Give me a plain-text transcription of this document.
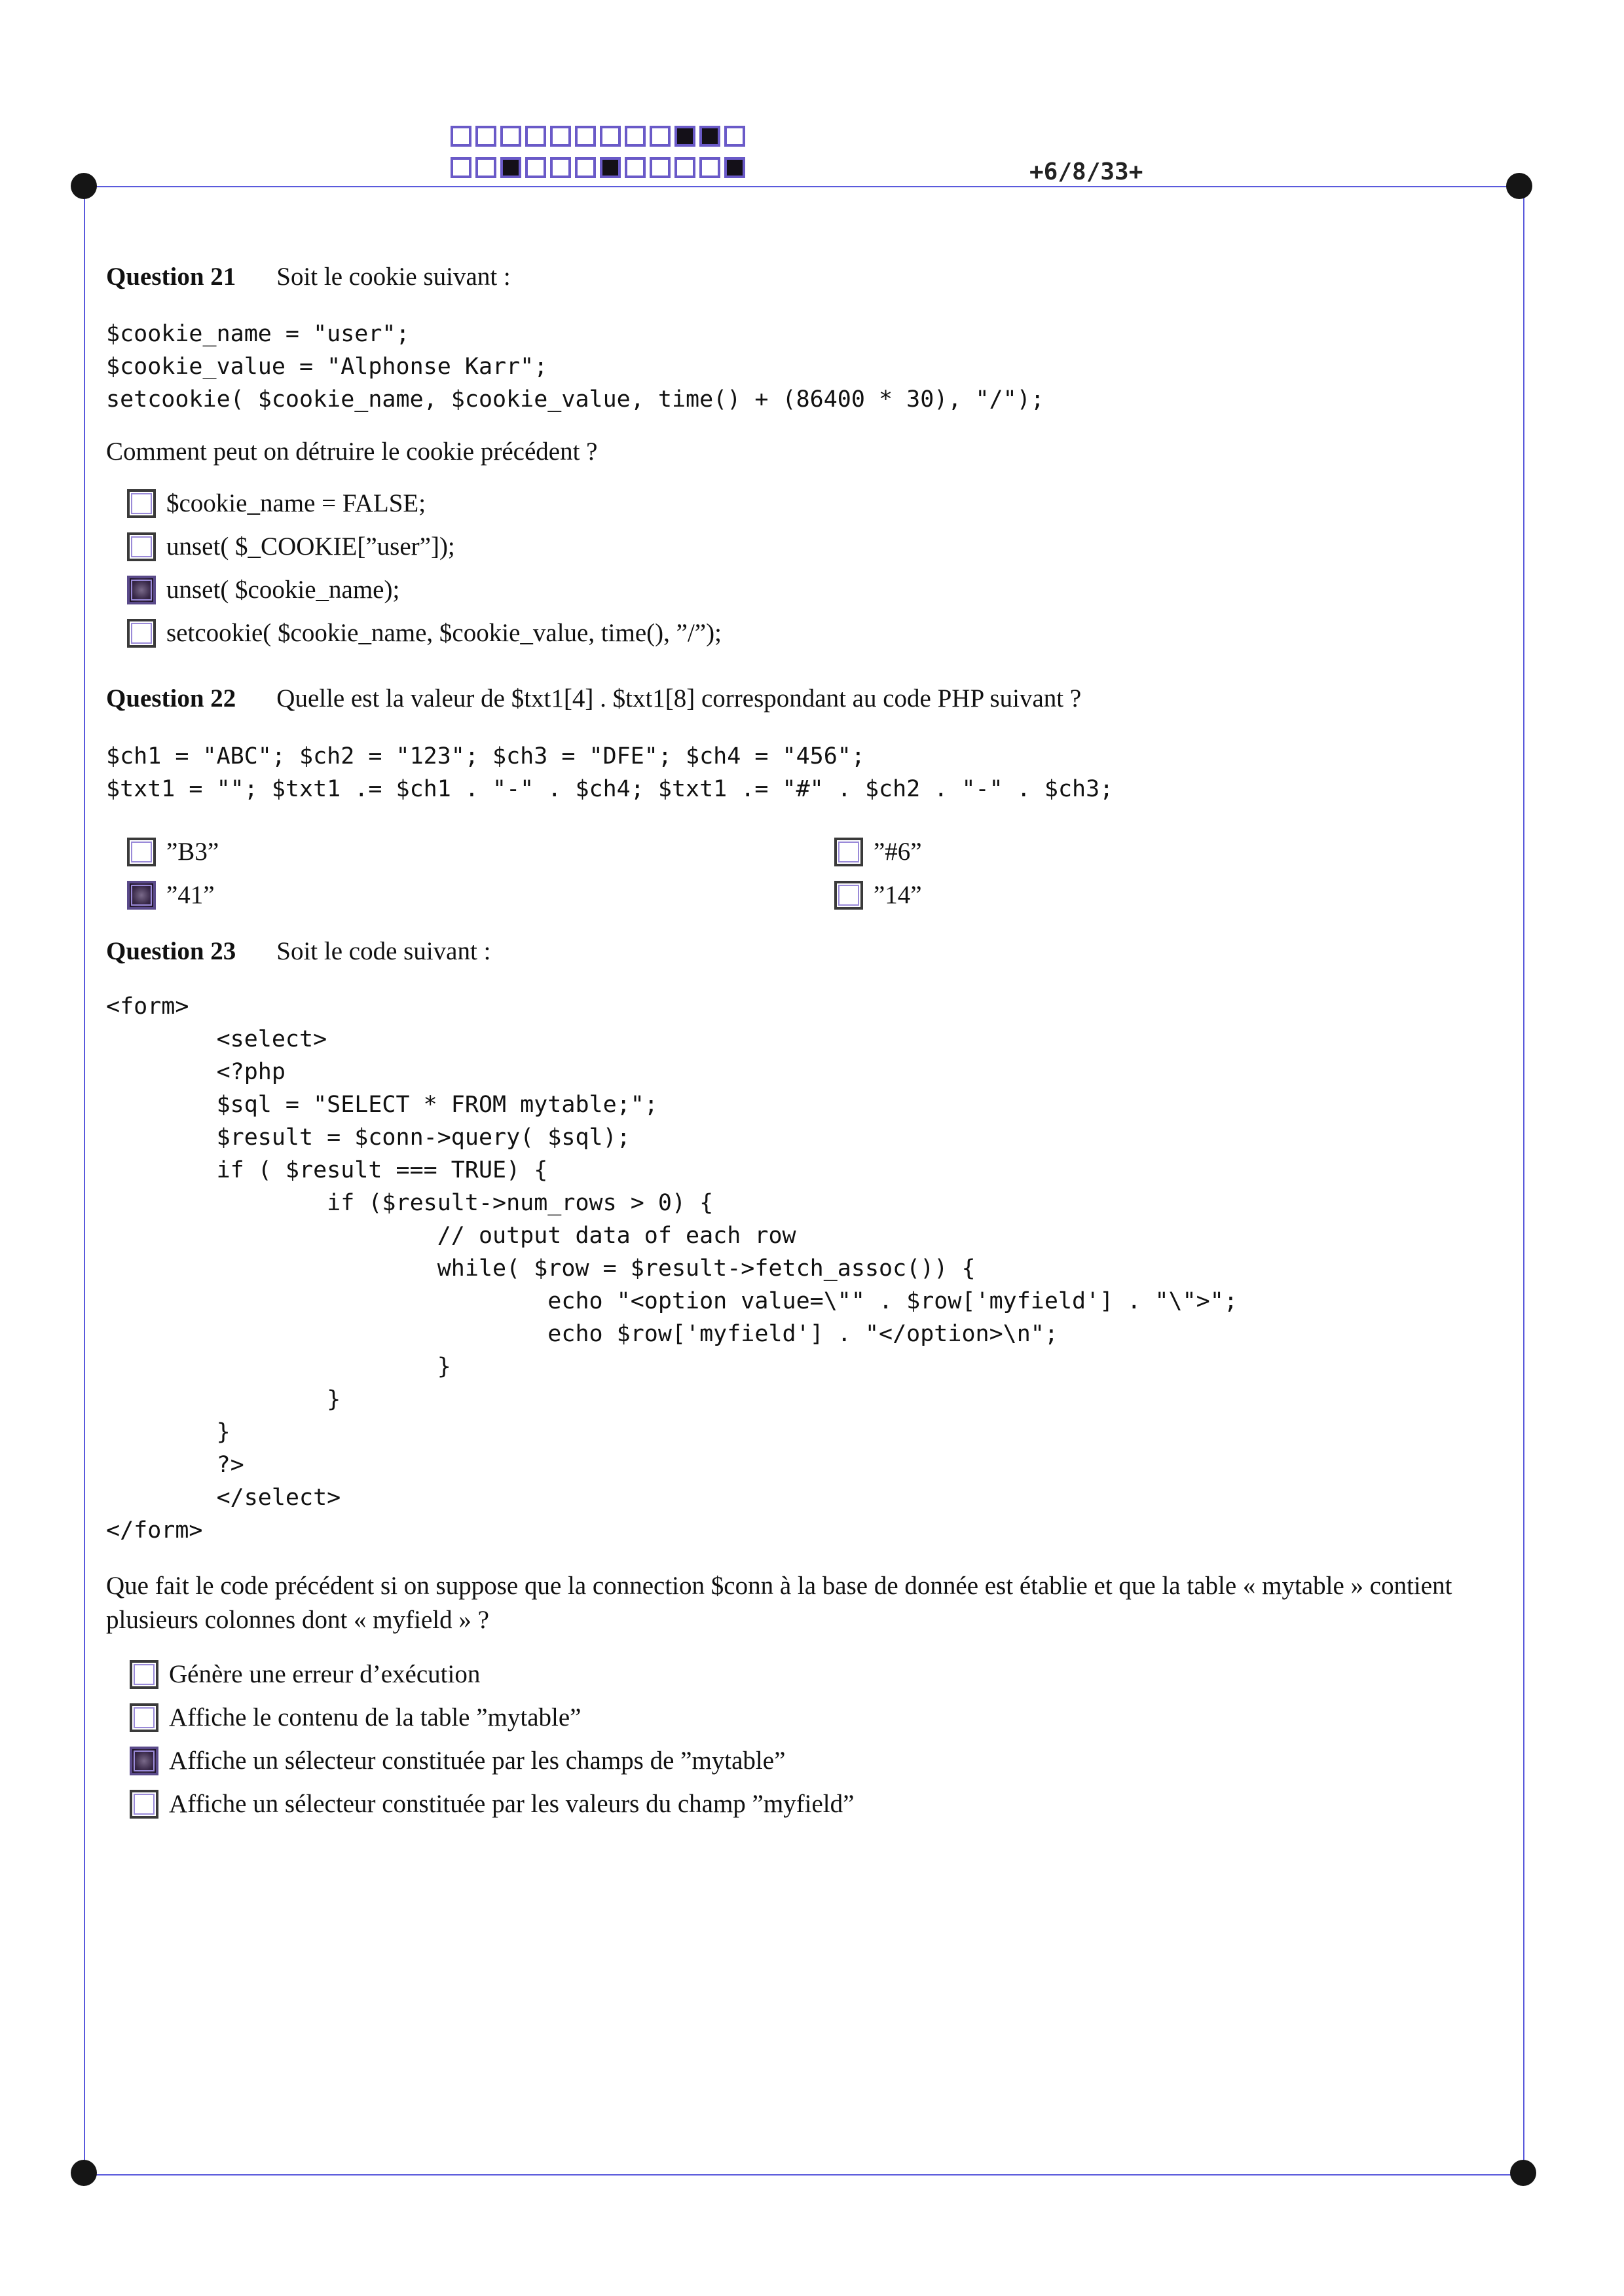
+6/8/33+
Question 21 Soit le cookie suivant :
$cookie_name = "user";
$cookie_value = "Alphonse Karr";
setcookie( $cookie_name, $cookie_value, time() + (86400 * 30), "/");
Comment peut on détruire le cookie précédent ?
$cookie_name = FALSE;
unset( $_COOKIE[”user”]);
unset( $cookie_name);
setcookie( $cookie_name, $cookie_value, time(), ”/”);
Question 22 Quelle est la valeur de $txt1[4] . $txt1[8] correspondant au code PHP suivant ?
$ch1 = "ABC"; $ch2 = "123"; $ch3 = "DFE"; $ch4 = "456";
$txt1 = ""; $txt1 .= $ch1 . "-" . $ch4; $txt1 .= "#" . $ch2 . "-" . $ch3;
”B3”	”#6”
”41”	”14”
Question 23 Soit le code suivant :
<form>
<select>
<?php
$sql = "SELECT * FROM mytable;";
$result = $conn->query( $sql);
if ( $result === TRUE) {
if ($result->num_rows > 0) {
// output data of each row
while( $row = $result->fetch_assoc()) {
echo "<option value=\"" . $row['myfield'] . "\">";
echo $row['myfield'] . "</option>\n";
}
}
}
?>
</select>
</form>
Que fait le code précédent si on suppose que la connection $conn à la base de donnée est établie et que la table « mytable » contient plusieurs colonnes dont « myfield » ?
Génère une erreur d’exécution
Affiche le contenu de la table ”mytable”
Affiche un sélecteur constituée par les champs de ”mytable”
Affiche un sélecteur constituée par les valeurs du champ ”myfield”
